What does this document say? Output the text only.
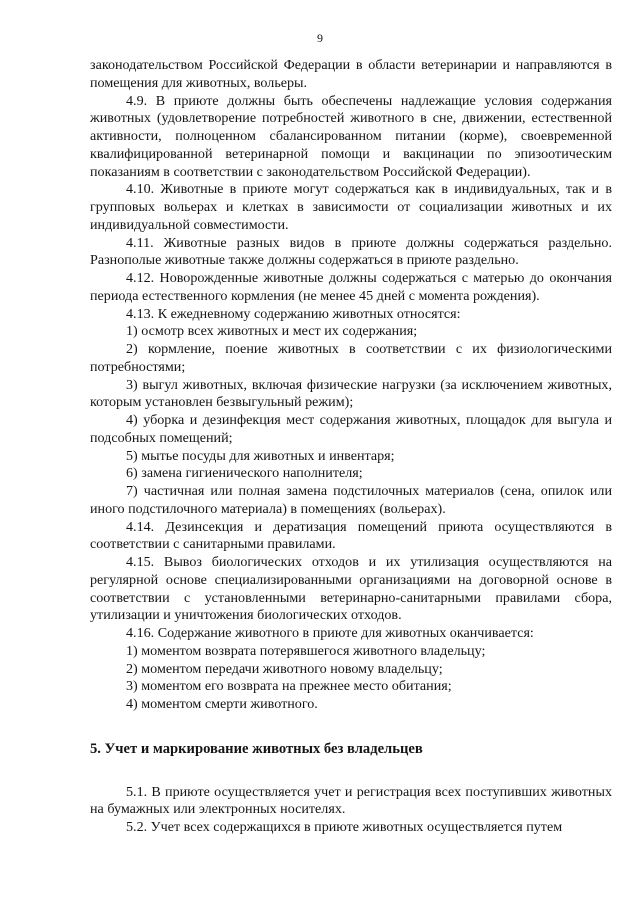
9

законодательством Российской Федерации в области ветеринарии и направляются в помещения для животных, вольеры.

4.9. В приюте должны быть обеспечены надлежащие условия содержания животных (удовлетворение потребностей животного в сне, движении, естественной активности, полноценном сбалансированном питании (корме), своевременной квалифицированной ветеринарной помощи и вакцинации по эпизоотическим показаниям в соответствии с законодательством Российской Федерации).

4.10. Животные в приюте могут содержаться как в индивидуальных, так и в групповых вольерах и клетках в зависимости от социализации животных и их индивидуальной совместимости.

4.11. Животные разных видов в приюте должны содержаться раздельно. Разнополые животные также должны содержаться в приюте раздельно.

4.12. Новорожденные животные должны содержаться с матерью до окончания периода естественного кормления (не менее 45 дней с момента рождения).

4.13. К ежедневному содержанию животных относятся:

1) осмотр всех животных и мест их содержания;

2) кормление, поение животных в соответствии с их физиологическими потребностями;

3) выгул животных, включая физические нагрузки (за исключением животных, которым установлен безвыгульный режим);

4) уборка и дезинфекция мест содержания животных, площадок для выгула и подсобных помещений;

5) мытье посуды для животных и инвентаря;

6) замена гигиенического наполнителя;

7) частичная или полная замена подстилочных материалов (сена, опилок или иного подстилочного материала) в помещениях (вольерах).

4.14. Дезинсекция и дератизация помещений приюта осуществляются в соответствии с санитарными правилами.

4.15. Вывоз биологических отходов и их утилизация осуществляются на регулярной основе специализированными организациями на договорной основе в соответствии с установленными ветеринарно-санитарными правилами сбора, утилизации и уничтожения биологических отходов.

4.16. Содержание животного в приюте для животных оканчивается:

1) моментом возврата потерявшегося животного владельцу;

2) моментом передачи животного новому владельцу;

3) моментом его возврата на прежнее место обитания;

4) моментом смерти животного.

5. Учет и маркирование животных без владельцев

5.1. В приюте осуществляется учет и регистрация всех поступивших животных на бумажных или электронных носителях.

5.2. Учет всех содержащихся в приюте животных осуществляется путем
